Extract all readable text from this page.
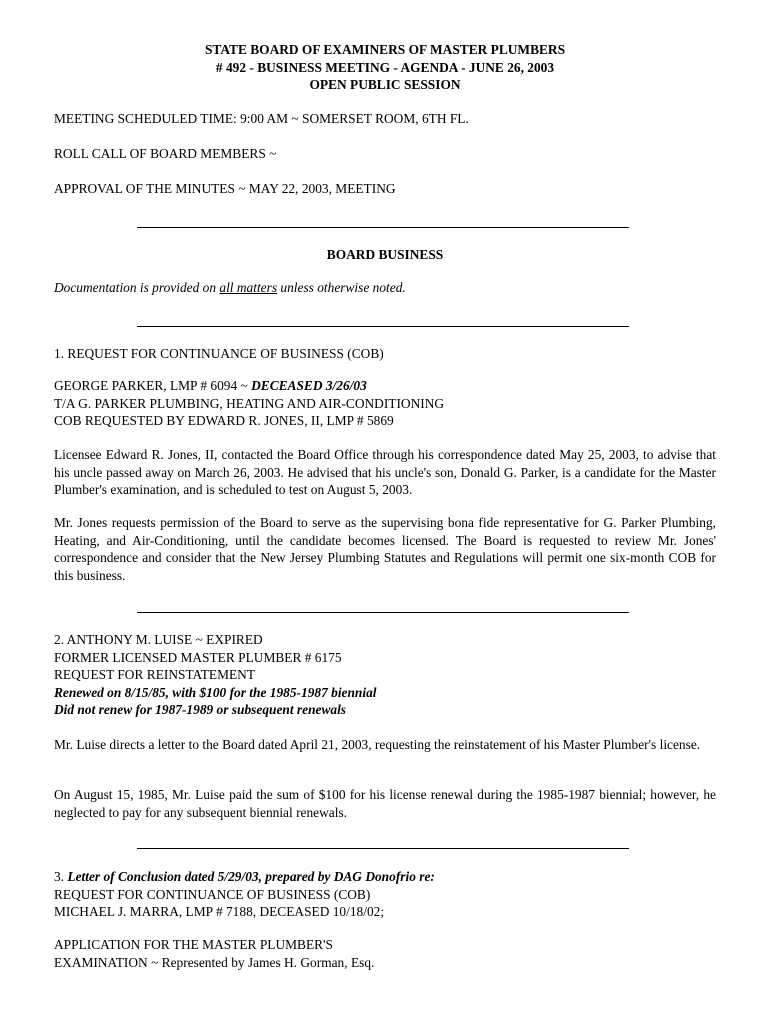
STATE BOARD OF EXAMINERS OF MASTER PLUMBERS
# 492 - BUSINESS MEETING - AGENDA - JUNE 26, 2003
OPEN PUBLIC SESSION
MEETING SCHEDULED TIME: 9:00 AM ~ SOMERSET ROOM, 6TH FL.
ROLL CALL OF BOARD MEMBERS ~
APPROVAL OF THE MINUTES ~ MAY 22, 2003, MEETING
BOARD BUSINESS
Documentation is provided on all matters unless otherwise noted.
1. REQUEST FOR CONTINUANCE OF BUSINESS (COB)
GEORGE PARKER, LMP # 6094 ~ DECEASED 3/26/03
T/A G. PARKER PLUMBING, HEATING AND AIR-CONDITIONING
COB REQUESTED BY EDWARD R. JONES, II, LMP # 5869
Licensee Edward R. Jones, II, contacted the Board Office through his correspondence dated May 25, 2003, to advise that his uncle passed away on March 26, 2003. He advised that his uncle's son, Donald G. Parker, is a candidate for the Master Plumber's examination, and is scheduled to test on August 5, 2003.
Mr. Jones requests permission of the Board to serve as the supervising bona fide representative for G. Parker Plumbing, Heating, and Air-Conditioning, until the candidate becomes licensed. The Board is requested to review Mr. Jones' correspondence and consider that the New Jersey Plumbing Statutes and Regulations will permit one six-month COB for this business.
2. ANTHONY M. LUISE ~ EXPIRED
FORMER LICENSED MASTER PLUMBER # 6175
REQUEST FOR REINSTATEMENT
Renewed on 8/15/85, with $100 for the 1985-1987 biennial
Did not renew for 1987-1989 or subsequent renewals
Mr. Luise directs a letter to the Board dated April 21, 2003, requesting the reinstatement of his Master Plumber's license.
On August 15, 1985, Mr. Luise paid the sum of $100 for his license renewal during the 1985-1987 biennial; however, he neglected to pay for any subsequent biennial renewals.
3. Letter of Conclusion dated 5/29/03, prepared by DAG Donofrio re:
REQUEST FOR CONTINUANCE OF BUSINESS (COB)
MICHAEL J. MARRA, LMP # 7188, DECEASED 10/18/02;
APPLICATION FOR THE MASTER PLUMBER'S
EXAMINATION ~ Represented by James H. Gorman, Esq.
